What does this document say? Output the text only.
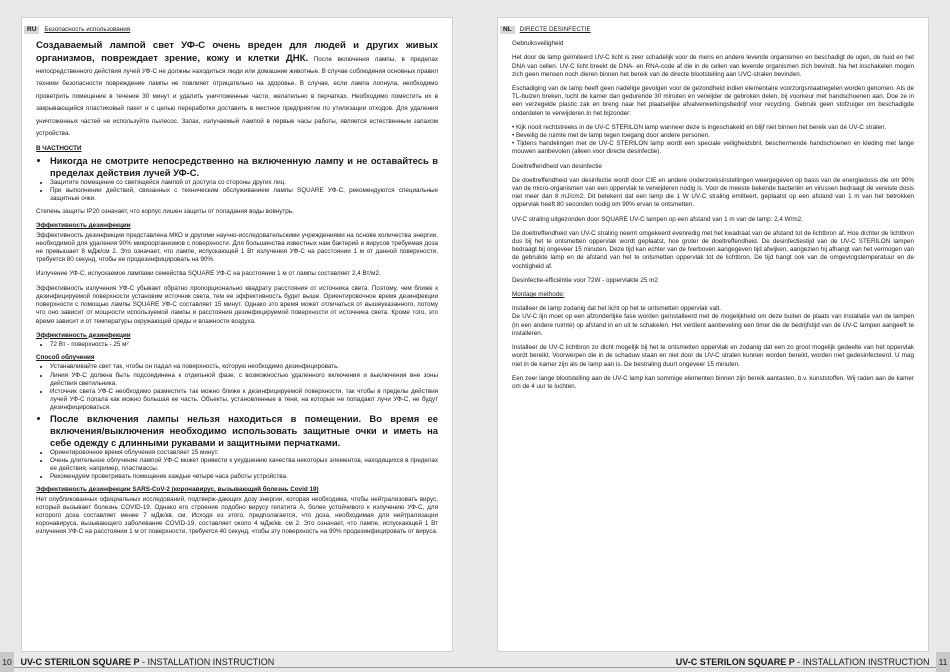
RU	Безопасность использования

Создаваемый лампой свет УФ-С очень вреден для людей и других живых организмов, повреждает зрение, кожу и клетки ДНК. После включения лампы, в пределах непосредственного действия лучей УФ-С не должны находиться люди или домашние животные. В случае соблюдения основных правил техники безопасности повреждение лампы не повлияет отрицательно на здоровье. В случае, если лампа лопнула, необходимо проветрить помещение в течение 30 минут и удалить уничтоженные части, желательно в перчатках. Необходимо поместить их в закрывающийся пластиковый пакет и с целью переработки доставить в местное предприятие по утилизации отходов. Для удаления уничтоженных частей не используйте пылесос. Запах, излучаемый лампой в первые часы работы, является естественным запахом устройства.

В ЧАСТНОСТИ

• Никогда не смотрите непосредственно на включенную лампу и не оставайтесь в пределах действия лучей УФ-С.
• Защитите помещение со светящейся лампой от доступа со стороны других лиц.
• При выполнении действий, связанных с техническим обслуживанием лампы SQUARE УФ-С, рекомендуются специальные защитные очки.

Степень защиты IP20 означает, что корпус лишен защиты от попадания воды вовнутрь.

Эффективность дезинфекции

Эффективность дезинфекции представлена МКО и другими научно-исследовательскими учреждениями на основе количества энергии, необходимой для удаления 90% микроорганизмов с поверхности. Для большинства известных нам бактерий и вирусов требуемая доза не превышает 8 мДж/см 2. Это означает, что лампе, испускающей 1 Вт излучения УФ-С на расстоянии 1 м от данной поверхности, требуется 80 секунд, чтобы ее продезинфицировать на 90%.

Излучение УФ-С, испускаемое лампами семейства SQUARE УФ-С на расстоянии 1 м от лампы составляет 2,4 Вт/м2.

Эффективность излучения УФ-С убывает обратно пропорционально квадрату расстояния от источника света. Поэтому, чем ближе к дезинфицируемой поверхности установим источник света, тем ее эффективность будет выше. Ориентировочное время дезинфекции поверхности с помощью лампы SQUARE УФ-С составляет 15 минут. Однако это время может отличаться от вышеуказанного, потому что оно зависит от мощности используемой лампы и расстояния дезинфицируемой поверхности от источника света. Кроме того, это время зависит и от температуры окружающей среды и влажности воздуха.

Эффективность дезинфекции

• 72 Вт - поверхность - 25 м²

Способ облучения

• Устанавливайте свет так, чтобы он падал на поверхность, которую необходимо дезинфицировать.
• Линия УФ-С должна быть подсоединена к отдельной фазе, с возможностью удаленного включения и выключения вне зоны действия светильника.
• Источник света УФ-С необходимо разместить так можно ближе к дезинфицируемой поверхности, так чтобы в пределы действия лучей УФ-С попала как можно большая ее часть. Объекты, установленные в тени, на которые не попадают лучи УФ-С, не будут дезинфицироваться.
• После включения лампы нельзя находиться в помещении. Во время ее включения/выключения необходимо использовать защитные очки и иметь на себе одежду с длинными рукавами и защитными перчатками.
• Ориентировочное время облучения составляет 15 минут.
• Очень длительное облучение лампой УФ-С может привести к ухудшению качества некоторых элементов, находящихся в пределах ее действия, например, пластмассы.
• Рекомендуем проветривать помещение каждые четыре часа работы устройства.

Эффективность дезинфекции SARS-CoV-2 (коронавирус, вызывающий болезнь Covid 19)

Нет опубликованных официальных исследований, подтверж-дающих дозу энергии, которая необходима, чтобы нейтрализовать вирус, который вызывает болезнь COVID-19. Однако его строение подобно вирусу гепатита А, более устойчивого к излучению УФ-С, для которого доза составляет менее 7 мДж/кв. см. Исходя из этого, предполагается, что доза, необходимая для нейтрализации коронавируса, вызывающего заболевание COVID-19, составляет около 4 мДж/кв. см 2. Это означает, что лампе, испускающей 1 Вт излучения УФ-С на расстоянии 1 м от поверхности, требуется 40 секунд, чтобы эту поверхность на 90% продезинфицировать от вируса.

NL	DIRECTE DESINFECTIE

Gebruiksveiligheid

Het door de lamp geïmiteerd UV-C licht is zeer schadelijk voor de mens en andere levende organismen en beschadigt de ogen, de huid en het DNA van cellen. UV-C licht breekt de DNA- en RNA-code af die in de cellen van levende organismen zich bevindt. Na het inschakelen mogen zich geen mensen noch dieren binnen het bereik van de directe blootstelling aan UVC-stralen bevinden.

Eschadiging van de lamp heeft geen nadelige gevolgen voor de gezondheid indien elementaire voorzorgsmaatregelen worden genomen. Als de TL-buizen breken, lucht de kamer dan gedurende 30 minuten en verwijder de gebroken delen, bij voorkeur met handschoenen aan. Doe ze in een verzegelde plastic zak en breng naar het plaatselijke afvalverwerkingsbedrijf voor recycling. Gebruik geen stofzuiger om beschadigde onderdelen te verwijderen.In het bijzonder:

• Kijk nooit rechtstreeks in de UV-C STERILON lamp wanneer deze is ingeschakeld en blijf niet binnen het bereik van de UV-C stralen.

• Beveilig de ruimte met de lamp tegen toegang door andere personen.

• Tijdens handelingen met de UV-C STERILON lamp wordt een speciale veiligheidsbril, beschermende handschoenen en kleding met lange mouwen aanbevolen (alleen voor directe desinfectie).

Doeltreffendheid van desinfectie

De doeltreffendheid van desinfectie wordt door CIE en andere onderzoeksinstellingen weergegeven op basis van de energiedosis die om 90% van de micro-organismen van een oppervlak te verwijderen nodig is. Voor de meeste bekende bacteriën en virussen bedraagt de vereiste dosis niet meer dan 8 mJ/cm2. Dit betekent dat een lamp die 1 W UV-C straling emitteert, geplaatst op een afstand van 1 m van het betrokken oppervlak heeft 80 seconden nodig om 90% ervan te ontsmetten.

UV-C straling uitgezonden door SQUARE UV-C lampen op een afstand van 1 m van de lamp: 2,4 W/m2.

De doeltreffendheid van UV-C straling neemt omgekeerd evenredig met het kwadraat van de afstand tot de lichtbron af. Hoe dichter de lichtbron dus bij het te ontsmetten oppervlak wordt geplaatst, hoe groter de doeltreffendheid. De desinfectiestijd van de UV-C STERILON lampen bedraagt bij ongeveer 15 minuten. Deze tijd kan echter van de hierboven aangegeven tijd afwijken, aangezien hij afhangt van het vermogen van de gebruikte lamp en de afstand van het te ontsmetten oppervlak tot de lichtbron. De tijd hangt ook van de omgevingstemperatuur en de vochtigheid af.

Desinfectie-efficiëntie voor 72W - oppervlakte 25 m2

Montage methode:

Installeer de lamp zodanig dat het licht op het te ontsmetten oppervlak valt.
De UV-C lijn moet op een afzonderlijke fase worden geïnstalleerd met de mogelijkheid om deze buiten de plaats van installatie van de lampen (in een andere ruimte) op afstand in en uit te schakelen. Het verdient aanbeveling een timer die de bedrijfstijd van de UV-C lampen aangeeft te installeren.

Installeer de UV-C lichtbron zo dicht mogelijk bij het te ontsmetten oppervlak en zodanig dat een zo groot mogelijk gedeelte van het oppervlak wordt bereikt. Voorwerpen die in de schaduw staan en niet door de UV-C stralen kunnen worden bereikt, worden niet gedesinfecteerd. U mag niet in de kamer zijn als de lamp aan is. De bestraling duurt ongeveer 15 minuten.

Een zeer lange blootstelling aan de UV-C lamp kan sommige elementen binnen zijn bereik aantasten, b.v. kunststoffen. Wij raden aan de kamer om de 4 uur te luchten.

10 UV-C STERILON SQUARE P - INSTALLATION INSTRUCTION	UV-C STERILON SQUARE P - INSTALLATION INSTRUCTION 11
